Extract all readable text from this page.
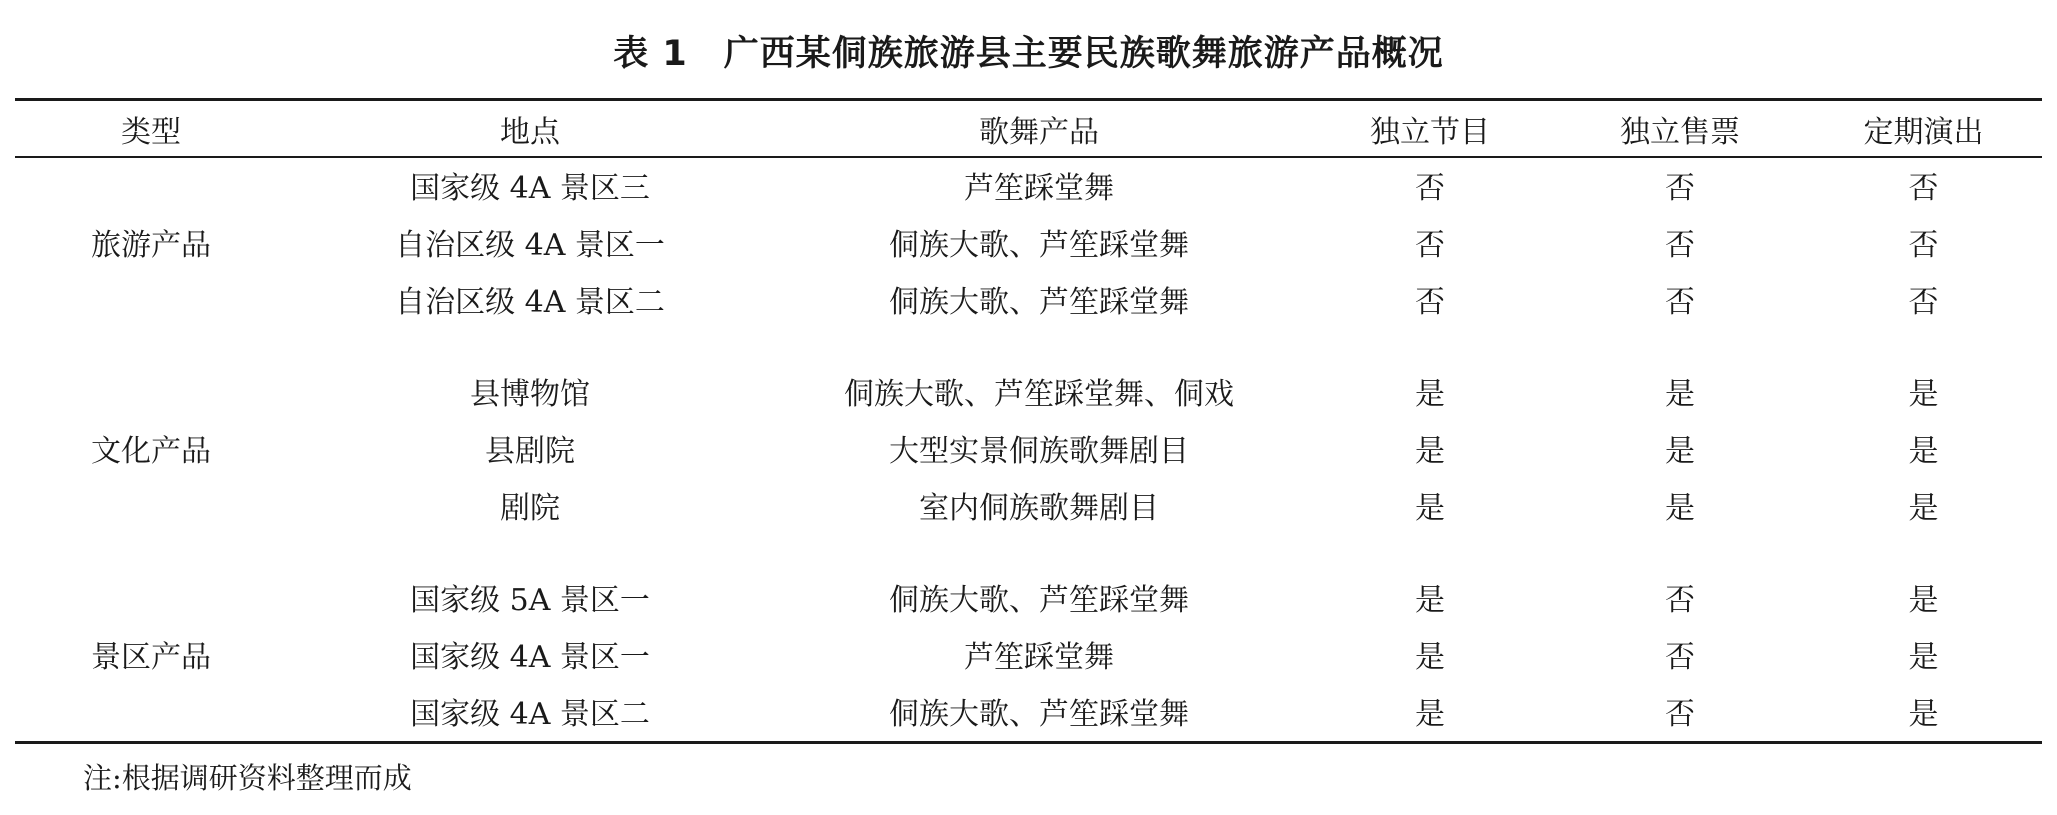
表 1 广西某侗族旅游县主要民族歌舞旅游产品概况
类型	地点	歌舞产品	独立节目	独立售票	定期演出
旅游产品	国家级 4A 景区三	芦笙踩堂舞	否	否	否
	自治区级 4A 景区一	侗族大歌、芦笙踩堂舞	否	否	否
	自治区级 4A 景区二	侗族大歌、芦笙踩堂舞	否	否	否

文化产品	县博物馆	侗族大歌、芦笙踩堂舞、侗戏	是	是	是
	县剧院	大型实景侗族歌舞剧目	是	是	是
	剧院	室内侗族歌舞剧目	是	是	是

景区产品	国家级 5A 景区一	侗族大歌、芦笙踩堂舞	是	否	是
	国家级 4A 景区一	芦笙踩堂舞	是	否	是
	国家级 4A 景区二	侗族大歌、芦笙踩堂舞	是	否	是
注:根据调研资料整理而成
